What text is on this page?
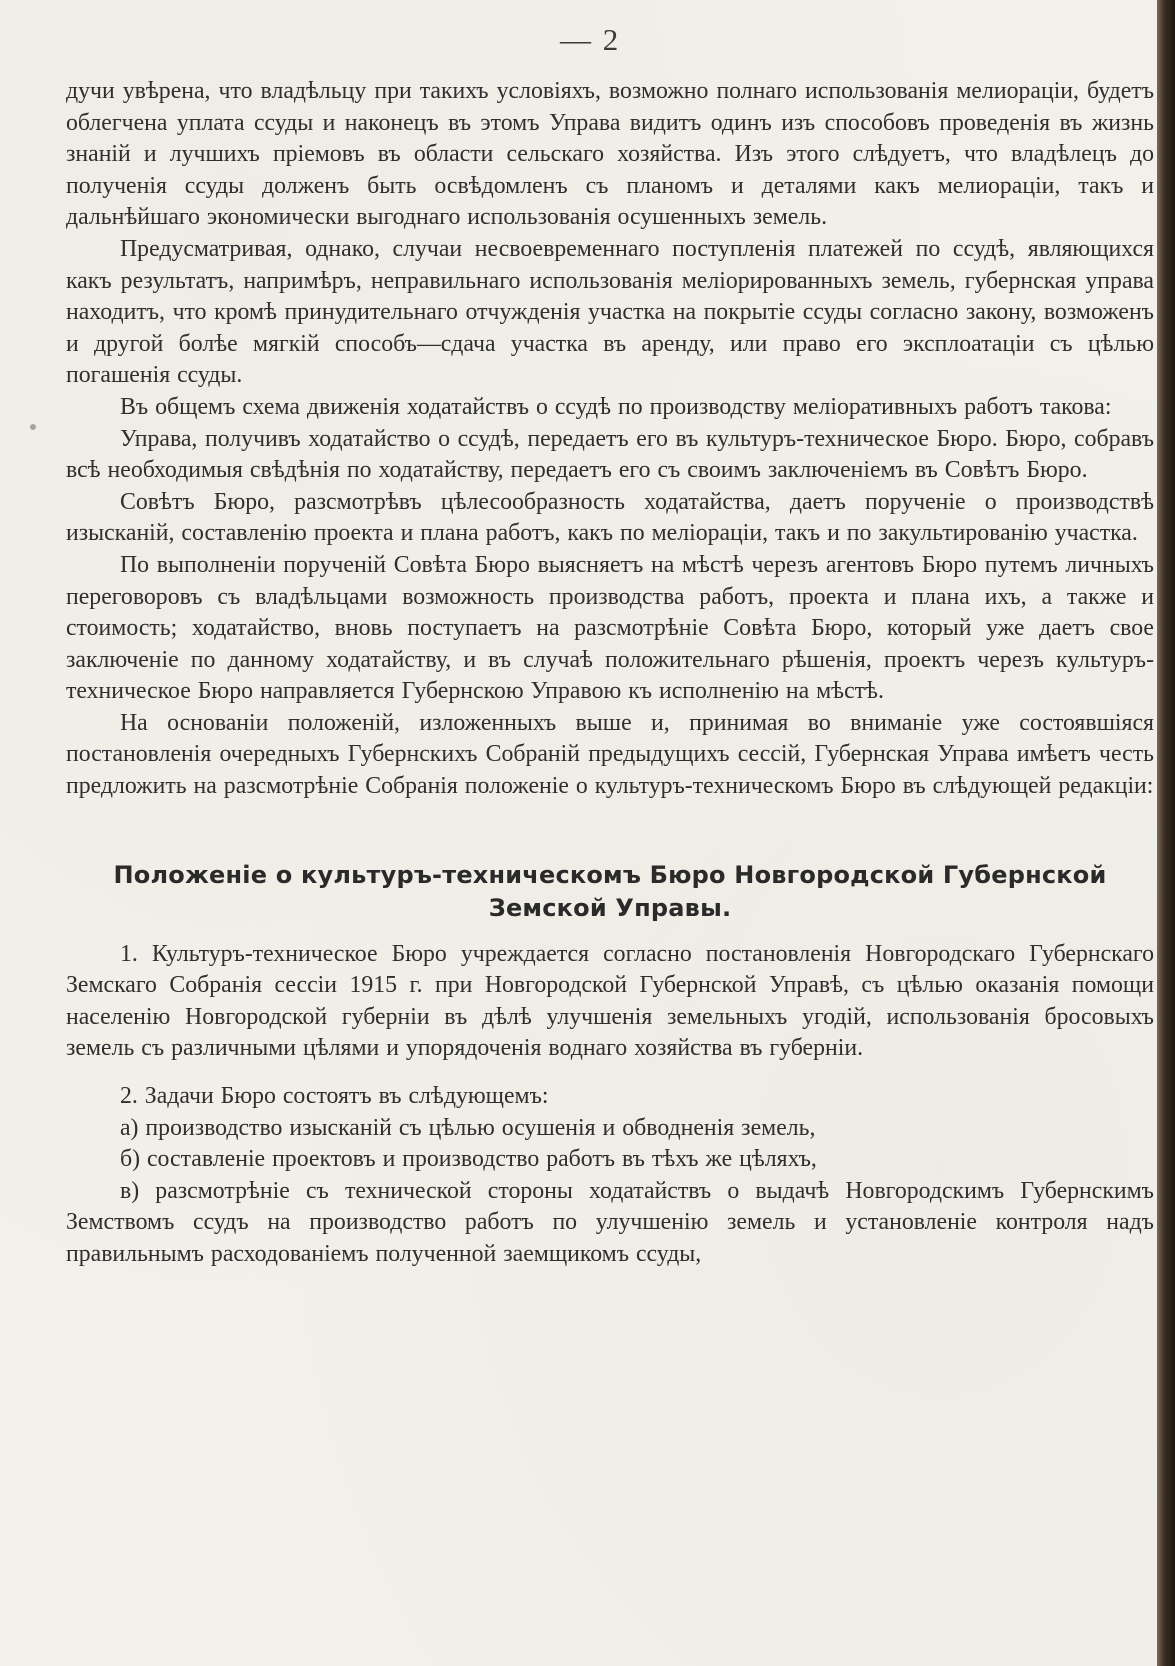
— 2

дучи увѣрена, что владѣльцу при такихъ условіяхъ, возможно полнаго использованія мелиораціи, будетъ облегчена уплата ссуды и наконецъ въ этомъ Управа видитъ одинъ изъ способовъ проведенія въ жизнь знаній и лучшихъ пріемовъ въ области сельскаго хозяйства. Изъ этого слѣдуетъ, что владѣлецъ до полученія ссуды долженъ быть освѣдомленъ съ планомъ и деталями какъ мелиораціи, такъ и дальнѣйшаго экономически выгоднаго использованія осушенныхъ земель.

Предусматривая, однако, случаи несвоевременнаго поступленія платежей по ссудѣ, являющихся какъ результатъ, напримѣръ, неправильнаго использованія меліорированныхъ земель, губернская управа находитъ, что кромѣ принудительнаго отчужденія участка на покрытіе ссуды согласно закону, возможенъ и другой болѣе мягкій способъ—сдача участка въ аренду, или право его эксплоатаціи съ цѣлью погашенія ссуды.

Въ общемъ схема движенія ходатайствъ о ссудѣ по производству меліоративныхъ работъ такова:

Управа, получивъ ходатайство о ссудѣ, передаетъ его въ культуръ-техническое Бюро. Бюро, собравъ всѣ необходимыя свѣдѣнія по ходатайству, передаетъ его съ своимъ заключеніемъ въ Совѣтъ Бюро.

Совѣтъ Бюро, разсмотрѣвъ цѣлесообразность ходатайства, даетъ порученіе о производствѣ изысканій, составленію проекта и плана работъ, какъ по меліораціи, такъ и по закультированію участка.

По выполненіи порученій Совѣта Бюро выясняетъ на мѣстѣ черезъ агентовъ Бюро путемъ личныхъ переговоровъ съ владѣльцами возможность производства работъ, проекта и плана ихъ, а также и стоимость; ходатайство, вновь поступаетъ на разсмотрѣніе Совѣта Бюро, который уже даетъ свое заключеніе по данному ходатайству, и въ случаѣ положительнаго рѣшенія, проектъ черезъ культуръ-техническое Бюро направляется Губернскою Управою къ исполненію на мѣстѣ.

На основаніи положеній, изложенныхъ выше и, принимая во вниманіе уже состоявшіяся постановленія очередныхъ Губернскихъ Собраній предыдущихъ сессій, Губернская Управа имѣетъ честь предложить на разсмотрѣніе Собранія положеніе о культуръ-техническомъ Бюро въ слѣдующей редакціи:

Положеніе о культуръ-техническомъ Бюро Новгородской Губернской Земской Управы.

1. Культуръ-техническое Бюро учреждается согласно постановленія Новгородскаго Губернскаго Земскаго Собранія сессіи 1915 г. при Новгородской Губернской Управѣ, съ цѣлью оказанія помощи населенію Новгородской губерніи въ дѣлѣ улучшенія земельныхъ угодій, использованія бросовыхъ земель съ различными цѣлями и упорядоченія воднаго хозяйства въ губерніи.

2. Задачи Бюро состоятъ въ слѣдующемъ:

а) производство изысканій съ цѣлью осушенія и обводненія земель,

б) составленіе проектовъ и производство работъ въ тѣхъ же цѣляхъ,

в) разсмотрѣніе съ технической стороны ходатайствъ о выдачѣ Новгородскимъ Губернскимъ Земствомъ ссудъ на производство работъ по улучшенію земель и установленіе контроля надъ правильнымъ расходованіемъ полученной заемщикомъ ссуды,
